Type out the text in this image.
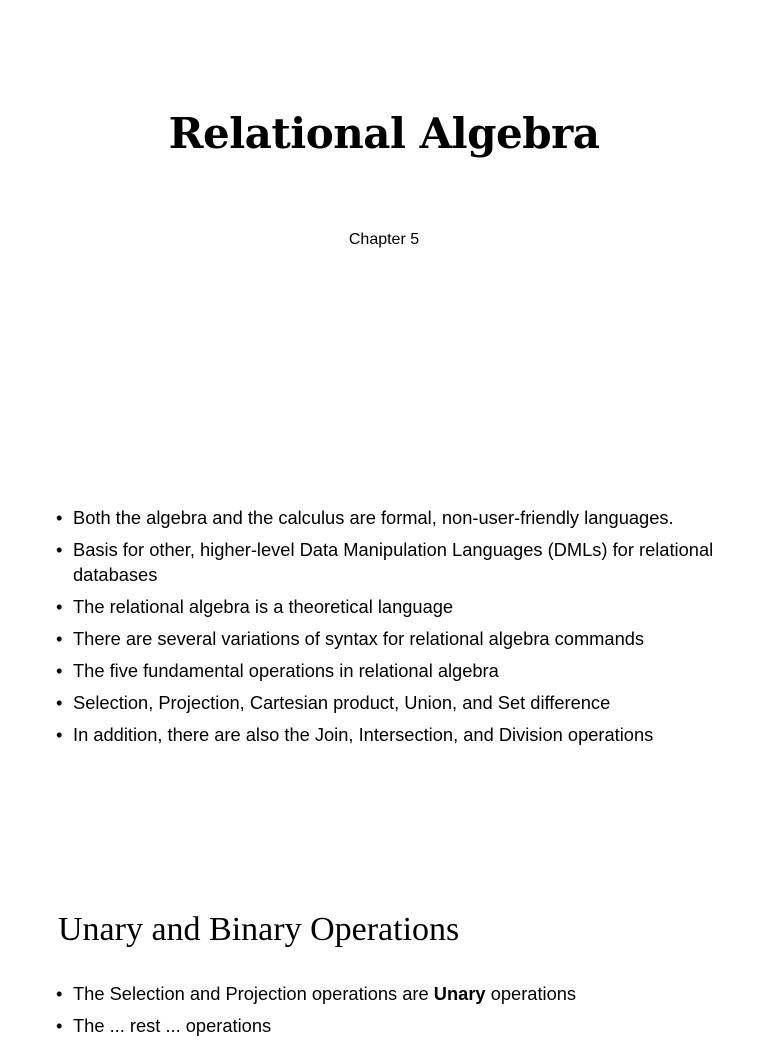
Relational Algebra
Chapter 5
• Both the algebra and the calculus are formal, non-user-friendly languages.
• Basis for other, higher-level Data Manipulation Languages (DMLs) for relational databases
• The relational algebra is a theoretical language
• There are several variations of syntax for relational algebra commands
• The five fundamental operations in relational algebra
• Selection, Projection, Cartesian product, Union, and Set difference
• In addition, there are also the Join, Intersection, and Division operations
Unary and Binary Operations
• The Selection and Projection operations are Unary operations
• The ... rest ... operations
